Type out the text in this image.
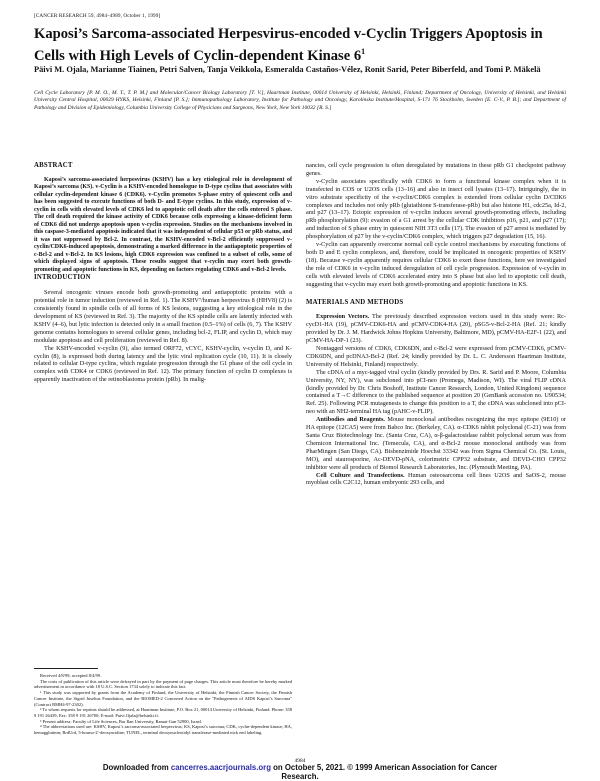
[CANCER RESEARCH 59, 4984–4989, October 1, 1999]
Kaposi’s Sarcoma-associated Herpesvirus-encoded v-Cyclin Triggers Apoptosis in Cells with High Levels of Cyclin-dependent Kinase $6^1$
Päivi M. Ojala, Marianne Tiainen, Petri Salven, Tanja Veikkola, Esmeralda Castaños-Vélez, Ronit Sarid, Peter Biberfeld, and Tomi P. Mäkelä
Cell Cycle Laboratory [P. M. O., M. T., T. P. M.] and Molecular/Cancer Biology Laboratory [T. V.], Haartman Institute, 00014 University of Helsinki, Helsinki, Finland; Department of Oncology, University of Helsinki, and Helsinki University Central Hospital, 00029 HYKS, Helsinki, Finland [P. S.]; Immunopathology Laboratory, Institute for Pathology and Oncology, Karolinska Institute/Hospital, S-171 76 Stockholm, Sweden [E. C-V., P. B.]; and Department of Pathology and Division of Epidemiology, Columbia University College of Physicians and Surgeons, New York, New York 10032 [R. S.]
ABSTRACT

Kaposi’s sarcoma-associated herpesvirus (KSHV) has a key etiological role in development of Kaposi’s sarcoma (KS). v-Cyclin is a KSHV-encoded homologue to D-type cyclins that associates with cellular cyclin-dependent kinase 6 (CDK6). v-Cyclin promotes S-phase entry of quiescent cells and has been suggested to execute functions of both D- and E-type cyclins. In this study, expression of v-cyclin in cells with elevated levels of CDK6 led to apoptotic cell death after the cells entered S phase. The cell death required the kinase activity of CDK6 because cells expressing a kinase-deficient form of CDK6 did not undergo apoptosis upon v-cyclin expression. Studies on the mechanisms involved in this caspase-3-mediated apoptosis indicated that it was independent of cellular p53 or pRb status, and it was not suppressed by Bcl-2. In contrast, the KSHV-encoded v-Bcl-2 efficiently suppressed v-cyclin/CDK6-induced apoptosis, demonstrating a marked difference in the antiapoptotic properties of c-Bcl-2 and v-Bcl-2. In KS lesions, high CDK6 expression was confined to a subset of cells, some of which displayed signs of apoptosis. These results suggest that v-cyclin may exert both growth-promoting and apoptotic functions in KS, depending on factors regulating CDK6 and v-Bcl-2 levels.

INTRODUCTION

Several oncogenic viruses encode both growth-promoting and antiapoptotic proteins with a potential role in tumor induction (reviewed in Ref. 1). The KSHV⁷/human herpesvirus 8 (HHV8) (2) is consistently found in spindle cells of all forms of KS lesions, suggesting a key etiological role in the development of KS (reviewed in Ref. 3). The majority of the KS spindle cells are latently infected with KSHV (4–6), but lytic infection is detected only in a small fraction (0.5–1%) of cells (6, 7). The KSHV genome contains homologues to several cellular genes, including bcl-2, FLIP, and cyclin D, which may modulate apoptosis and cell proliferation (reviewed in Ref. 8).

The KSHV-encoded v-cyclin (9), also termed ORF72, vCYC, KSHV-cyclin, v-cyclin D, and K-cyclin (8), is expressed both during latency and the lytic viral replication cycle (10, 11). It is closely related to cellular D-type cyclins, which regulate progression through the G1 phase of the cell cycle in complex with CDK4 or CDK6 (reviewed in Ref. 12). The primary function of cyclin D complexes is apparently inactivation of the retinoblastoma protein (pRb). In malig-

Received 4/8/99; accepted 8/4/99.

The costs of publication of this article were defrayed in part by the payment of page charges. This article must therefore be hereby marked advertisement in accordance with 18 U.S.C. Section 1734 solely to indicate this fact.

¹ This study was supported by grants from the Academy of Finland, the University of Helsinki, the Finnish Cancer Society, the Finnish Cancer Institute, the Sigrid Juselius Foundation, and the BIOMED-2 Concerted Action on the "Pathogenesis of AIDS Kaposi’s Sarcoma" (Contract BMH4-97-2302).

² To whom requests for reprints should be addressed, at Haartman Institute, P.O. Box 21, 00014 University of Helsinki, Finland. Phone: 358 9 191 26439; Fax: 358 9 191 26700; E-mail: Paivi.Ojala@helsinki.fi.

³ Present address: Faculty of Life Sciences, Bar Ilan University, Ramat-Gan 52900, Israel.

⁴ The abbreviations used are: KSHV, Kaposi’s sarcoma-associated herpesvirus; KS, Kaposi’s sarcoma; CDK, cyclin-dependent kinase; HA, hemagglutinin; BrdUrd, 5-bromo-2′-deoxyuridine; TUNEL, terminal deoxynucleotidyl transferase-mediated nick end labeling.

nancies, cell cycle progression is often deregulated by mutations in these pRb G1 checkpoint pathway genes.

v-Cyclin associates specifically with CDK6 to form a functional kinase complex when it is transfected in COS or U2OS cells (13–16) and also in insect cell lysates (13–17). Intriguingly, the in vitro substrate specificity of the v-cyclin/CDK6 complex is extended from cellular cyclin D/CDK6 complexes and includes not only pRb (glutathione S-transferase-pRb) but also histone H1, cdc25a, Id-2, and p27 (13–17). Ectopic expression of v-cyclin induces several growth-promoting effects, including pRb phosphorylation (9): evasion of a G1 arrest by the cellular CDK inhibitors p16, p21, and p27 (17); and induction of S phase entry in quiescent NIH 3T3 cells (17). The evasion of p27 arrest is mediated by phosphorylation of p27 by the v-cyclin/CDK6 complex, which triggers p27 degradation (15, 16).

v-Cyclin can apparently overcome normal cell cycle control mechanisms by executing functions of both D and E cyclin complexes, and, therefore, could be implicated in oncogenic properties of KSHV (18). Because v-cyclin apparently requires cellular CDK6 to exert these functions, here we investigated the role of CDK6 in v-cyclin induced deregulation of cell cycle progression. Expression of v-cyclin in cells with elevated levels of CDK6 accelerated entry into S phase but also led to apoptotic cell death, suggesting that v-cyclin may exert both growth-promoting and apoptotic functions in KS.

MATERIALS AND METHODS

Expression Vectors. The previously described expression vectors used in this study were: Rc-cycD1-HA (19), pCMV-CDK6-HA and pCMV-CDK4-HA (20), pSG5-v-Bcl-2-HA (Ref. 21; kindly provided by Dr. J. M. Hardwick Johns Hopkins University, Baltimore, MD), pCMV-HA-E2F-1 (22), and pCMV-HA-DP-1 (23).

Nontagged versions of CDK6, CDK6DN, and c-Bcl-2 were expressed from pCMV-CDK6, pCMV-CDK6DN, and pcDNA3-Bcl-2 (Ref. 24; kindly provided by Dr. L. C. Andersson Haartman Institute, University of Helsinki, Finland) respectively.

The cDNA of a myc-tagged viral cyclin (kindly provided by Drs. R. Sarid and P. Moore, Columbia University, NY, NY), was subcloned into pCI-neo (Promega, Madison, WI). The viral FLIP cDNA (kindly provided by Dr. Chris Boshoff, Institute Cancer Research, London, United Kingdom) sequence contained a T→C difference to the published sequence at position 20 (GenBank accession no. U90534; Ref. 25). Following PCR mutagenesis to change this position to a T, the cDNA was subcloned into pCI-neo with an NH2-terminal HA tag (pAHC-v-FLIP).

Antibodies and Reagents. Mouse monoclonal antibodies recognizing the myc epitope (9E10) or HA epitope (12CA5) were from Babco Inc. (Berkeley, CA). α-CDK6 rabbit polyclonal (C-21) was from Santa Cruz Biotechnology Inc. (Santa Cruz, CA), α-β-galactosidase rabbit polyclonal serum was from Chemicon International Inc. (Temecula, CA), and α-Bcl-2 mouse monoclonal antibody was from PharMingen (San Diego, CA). Bisbenzimide Hoechst 33342 was from Sigma Chemical Co. (St. Louis, MO), and staurosporine, Ac-DEVD-pNA, colorimetric CPP32 substrate, and DEVD-CHO CPP32 inhibitor were all products of Biomol Research Laboratories, Inc. (Plymouth Meeting, PA).

Cell Culture and Transfections. Human osteosarcoma cell lines U2OS and SaOS-2, mouse myoblast cells C2C12, human embryonic 293 cells, and

4984
Downloaded from cancerres.aacrjournals.org on October 5, 2021. © 1999 American Association for Cancer
Research.
